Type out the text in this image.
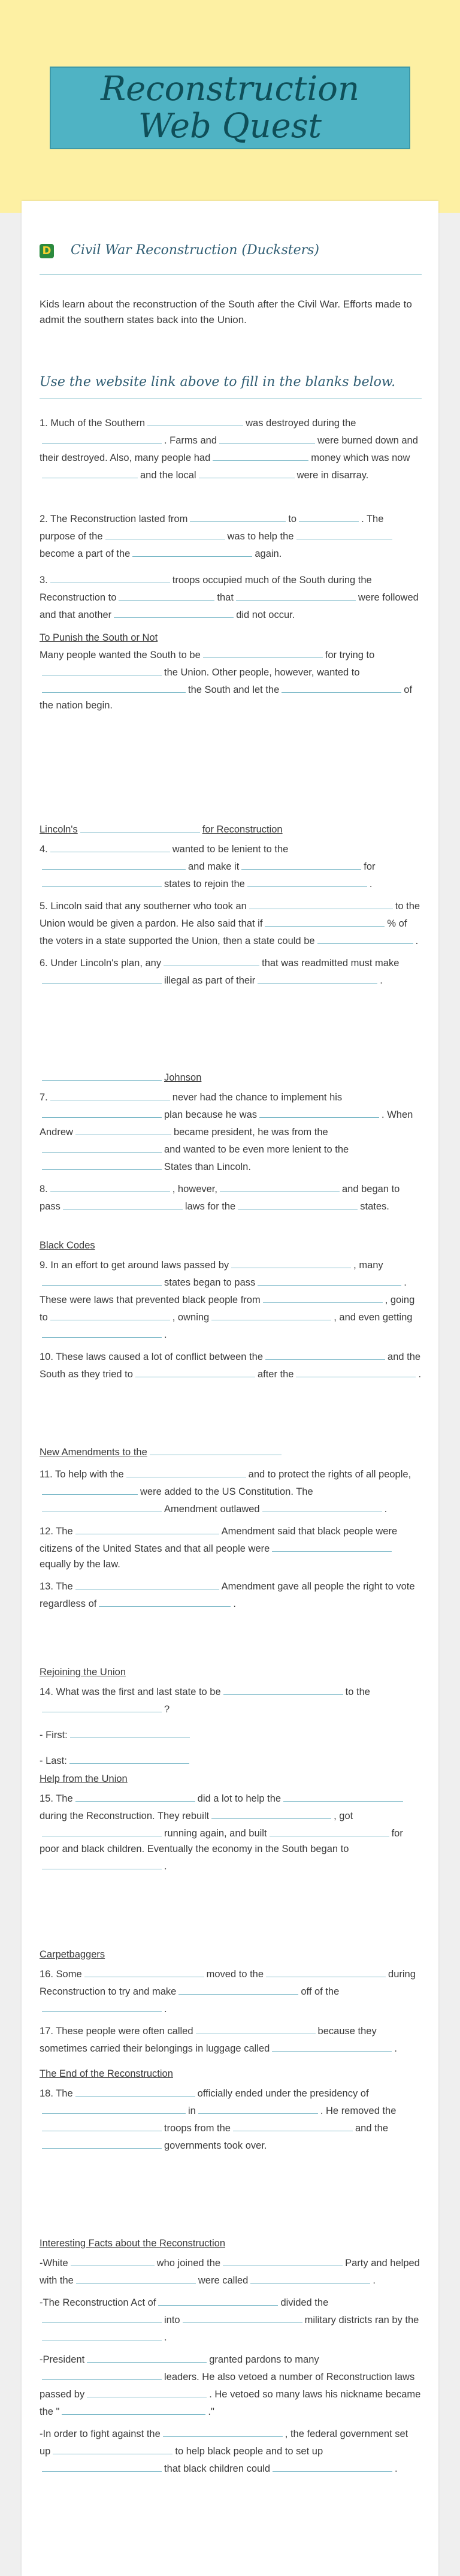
Reconstruction Web Quest
D Civil War Reconstruction (Ducksters)
Kids learn about the reconstruction of the South after the Civil War. Efforts made to admit the southern states back into the Union.
Use the website link above to fill in the blanks below.

1. Much of the Southern	was destroyed during the. Farms and	were burned down and their destroyed. Also, many people had	money which was nowand the local	were in disarray.

2. The Reconstruction lasted from	to	. The purpose of the	was to help thebecome a part of the	again.

3.	troops occupied much of the South during the Reconstruction to	that	were followed and that another	did not occur.

To Punish the South or Not

Many people wanted the South to be	for trying tothe Union. Other people, however, wanted tothe South and let the	of the nation begin.

Lincoln's	for Reconstruction

4.	wanted to be lenient to theand make it	forstates to rejoin the	.

5. Lincoln said that any southerner who took an	to the Union would be given a pardon. He also said that if	% of the voters in a state supported the Union, then a state could be	.

6. Under Lincoln's plan, any	that was readmitted must makeillegal as part of their	.

Johnson

7.	never had the chance to implement hisplan because he was	. When Andrew	became president, he was from theand wanted to be even more lenient to theStates than Lincoln.

8.	, however,	and began to pass	laws for the	states.

Black Codes

9. In an effort to get around laws passed by	, manystates began to pass	. These were laws that prevented black people from	, going to	, owning	, and even getting.

10. These laws caused a lot of conflict between the	and the South as they tried to	after the	.

New Amendments to the

11. To help with the	and to protect the rights of all people,were added to the US Constitution. TheAmendment outlawed	.

12. The	Amendment said that black people were citizens of the United States and that all people wereequally by the law.

13. The	Amendment gave all people the right to vote regardless of	.

Rejoining the Union

14. What was the first and last state to be	to the?

- First:

- Last:

Help from the Union

15. The	did a lot to help theduring the Reconstruction. They rebuilt	, gotrunning again, and built	for poor and black children. Eventually the economy in the South began to.

Carpetbaggers

16. Some	moved to the	during Reconstruction to try and make	off of the.

17. These people were often called	because they sometimes carried their belongings in luggage called	.

The End of the Reconstruction

18. The	officially ended under the presidency ofin	. He removed thetroops from the	and thegovernments took over.

Interesting Facts about the Reconstruction

-White	who joined the	Party and helped with the	were called	.

-The Reconstruction Act of	divided theinto	military districts ran by the.

-President	granted pardons to manyleaders. He also vetoed a number of Reconstruction laws passed by	. He vetoed so many laws his nickname became the "	."

-In order to fight against the	, the federal government set up	to help black people and to set upthat black children could	.
